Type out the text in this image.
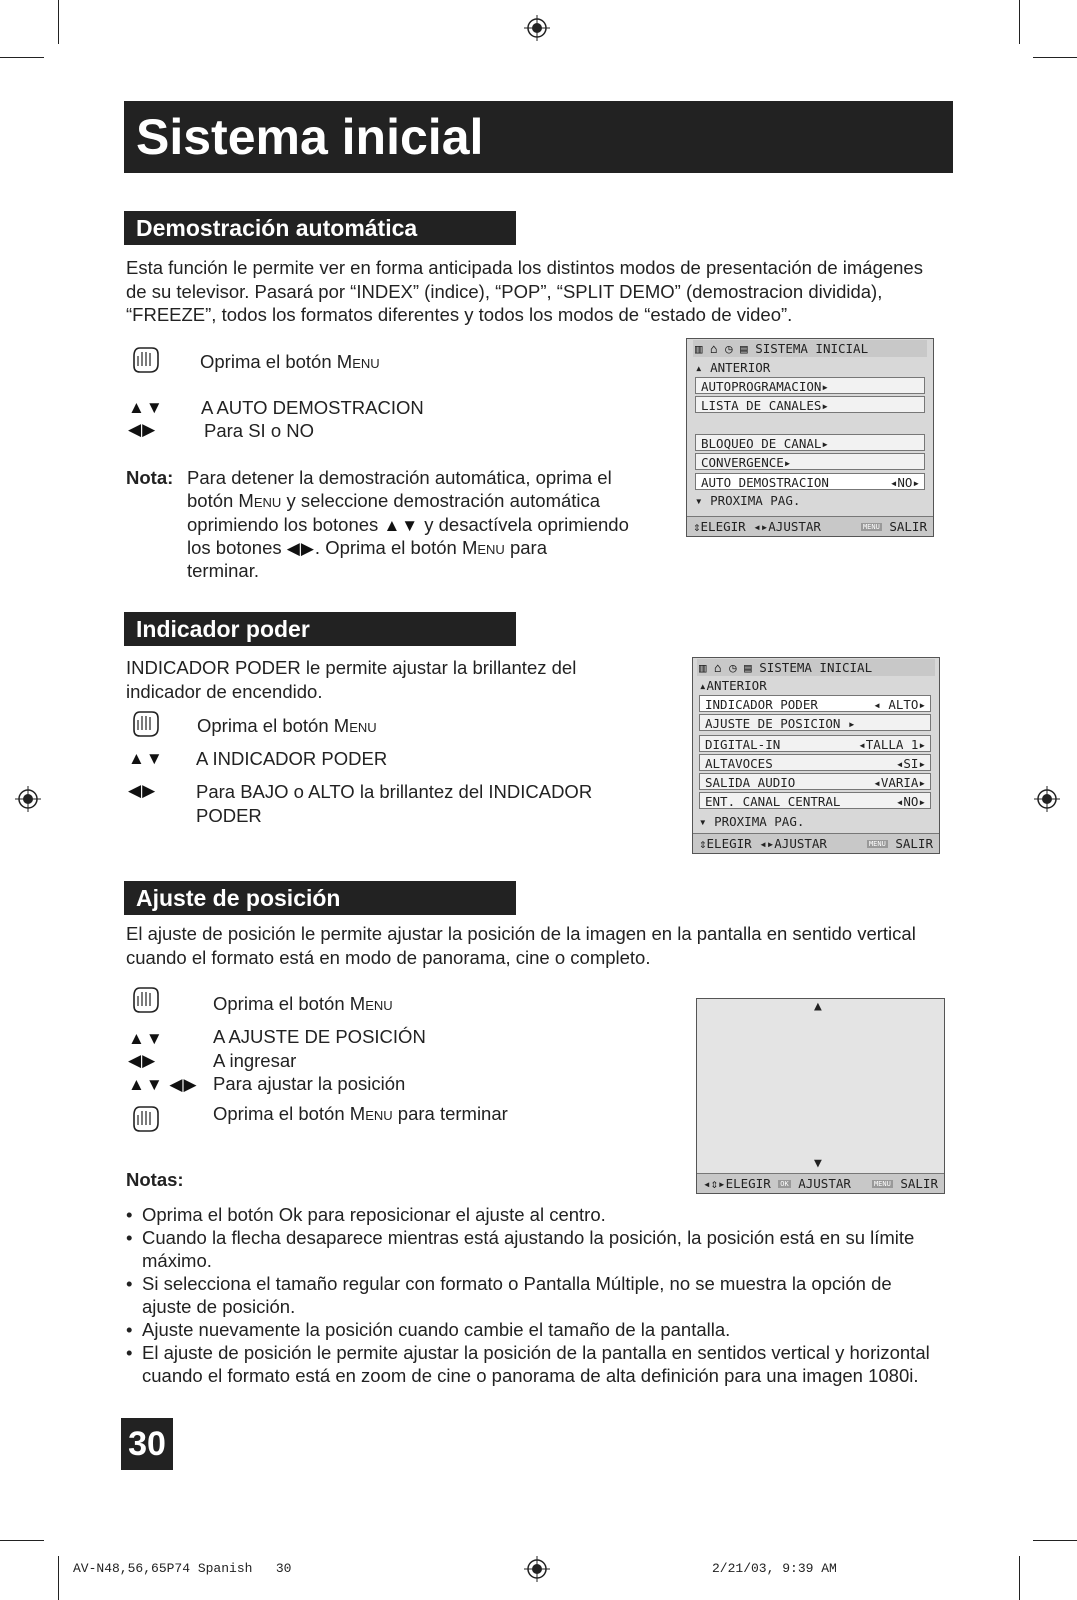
Sistema inicial
Demostración automática
Esta función le permite ver en forma anticipada los distintos modos de presentación de imágenes de su televisor. Pasará por “INDEX” (indice), “POP”, “SPLIT DEMO” (demostracion dividida), “FREEZE”, todos los formatos diferentes y todos los modos de “estado de video”.
Oprima el botón Menu
▲▼ A AUTO DEMOSTRACION
◀▶	Para SI o NO
Nota: Para detener la demostración automática, oprima el
botón Menu y seleccione demostración automática
oprimiendo los botones ▲▼ y desactívela oprimiendo
los botones ◀▶. Oprima el botón Menu para
terminar.
▥ ⌂ ◷ ▤ SISTEMA INICIAL
▴ ANTERIOR
AUTOPROGRAMACION▸
LISTA DE CANALES▸
BLOQUEO DE CANAL▸
CONVERGENCE▸
AUTO DEMOSTRACION	◂NO▸
▾ PROXIMA PAG.
⇕ELEGIR ◂▸AJUSTAR	MENU SALIR
Indicador poder
INDICADOR PODER le permite ajustar la brillantez del indicador de encendido.
Oprima el botón Menu
▲▼ A INDICADOR PODER
◀▶ Para BAJO o ALTO la brillantez del INDICADOR
PODER
▥ ⌂ ◷ ▤ SISTEMA INICIAL
▴ANTERIOR
INDICADOR PODER	◂ ALTO▸
AJUSTE DE POSICION ▸
DIGITAL-IN	◂TALLA 1▸
ALTAVOCES	◂SI▸
SALIDA AUDIO	◂VARIA▸
ENT. CANAL CENTRAL	◂NO▸
▾ PROXIMA PAG.
⇕ELEGIR ◂▸AJUSTAR	MENU SALIR
Ajuste de posición
El ajuste de posición le permite ajustar la posición de la imagen en la pantalla en sentido vertical cuando el formato está en modo de panorama, cine o completo.
Oprima el botón Menu
▲▼	A AJUSTE DE POSICIÓN
◀▶	A ingresar
▲▼ ◀▶ Para ajustar la posición
Oprima el botón Menu para terminar
▲
▼
◂⇕▸ELEGIR OK AJUSTAR	MENU SALIR
Notas:
• Oprima el botón Ok para reposicionar el ajuste al centro.
• Cuando la flecha desaparece mientras está ajustando la posición, la posición está en su límite máximo.
• Si selecciona el tamaño regular con formato o Pantalla Múltiple, no se muestra la opción de ajuste de posición.
• Ajuste nuevamente la posición cuando cambie el tamaño de la pantalla.
• El ajuste de posición le permite ajustar la posición de la pantalla en sentidos vertical y horizontal cuando el formato está en zoom de cine o panorama de alta definición para una imagen 1080i.
30
AV-N48,56,65P74 Spanish   30	2/21/03, 9:39 AM
